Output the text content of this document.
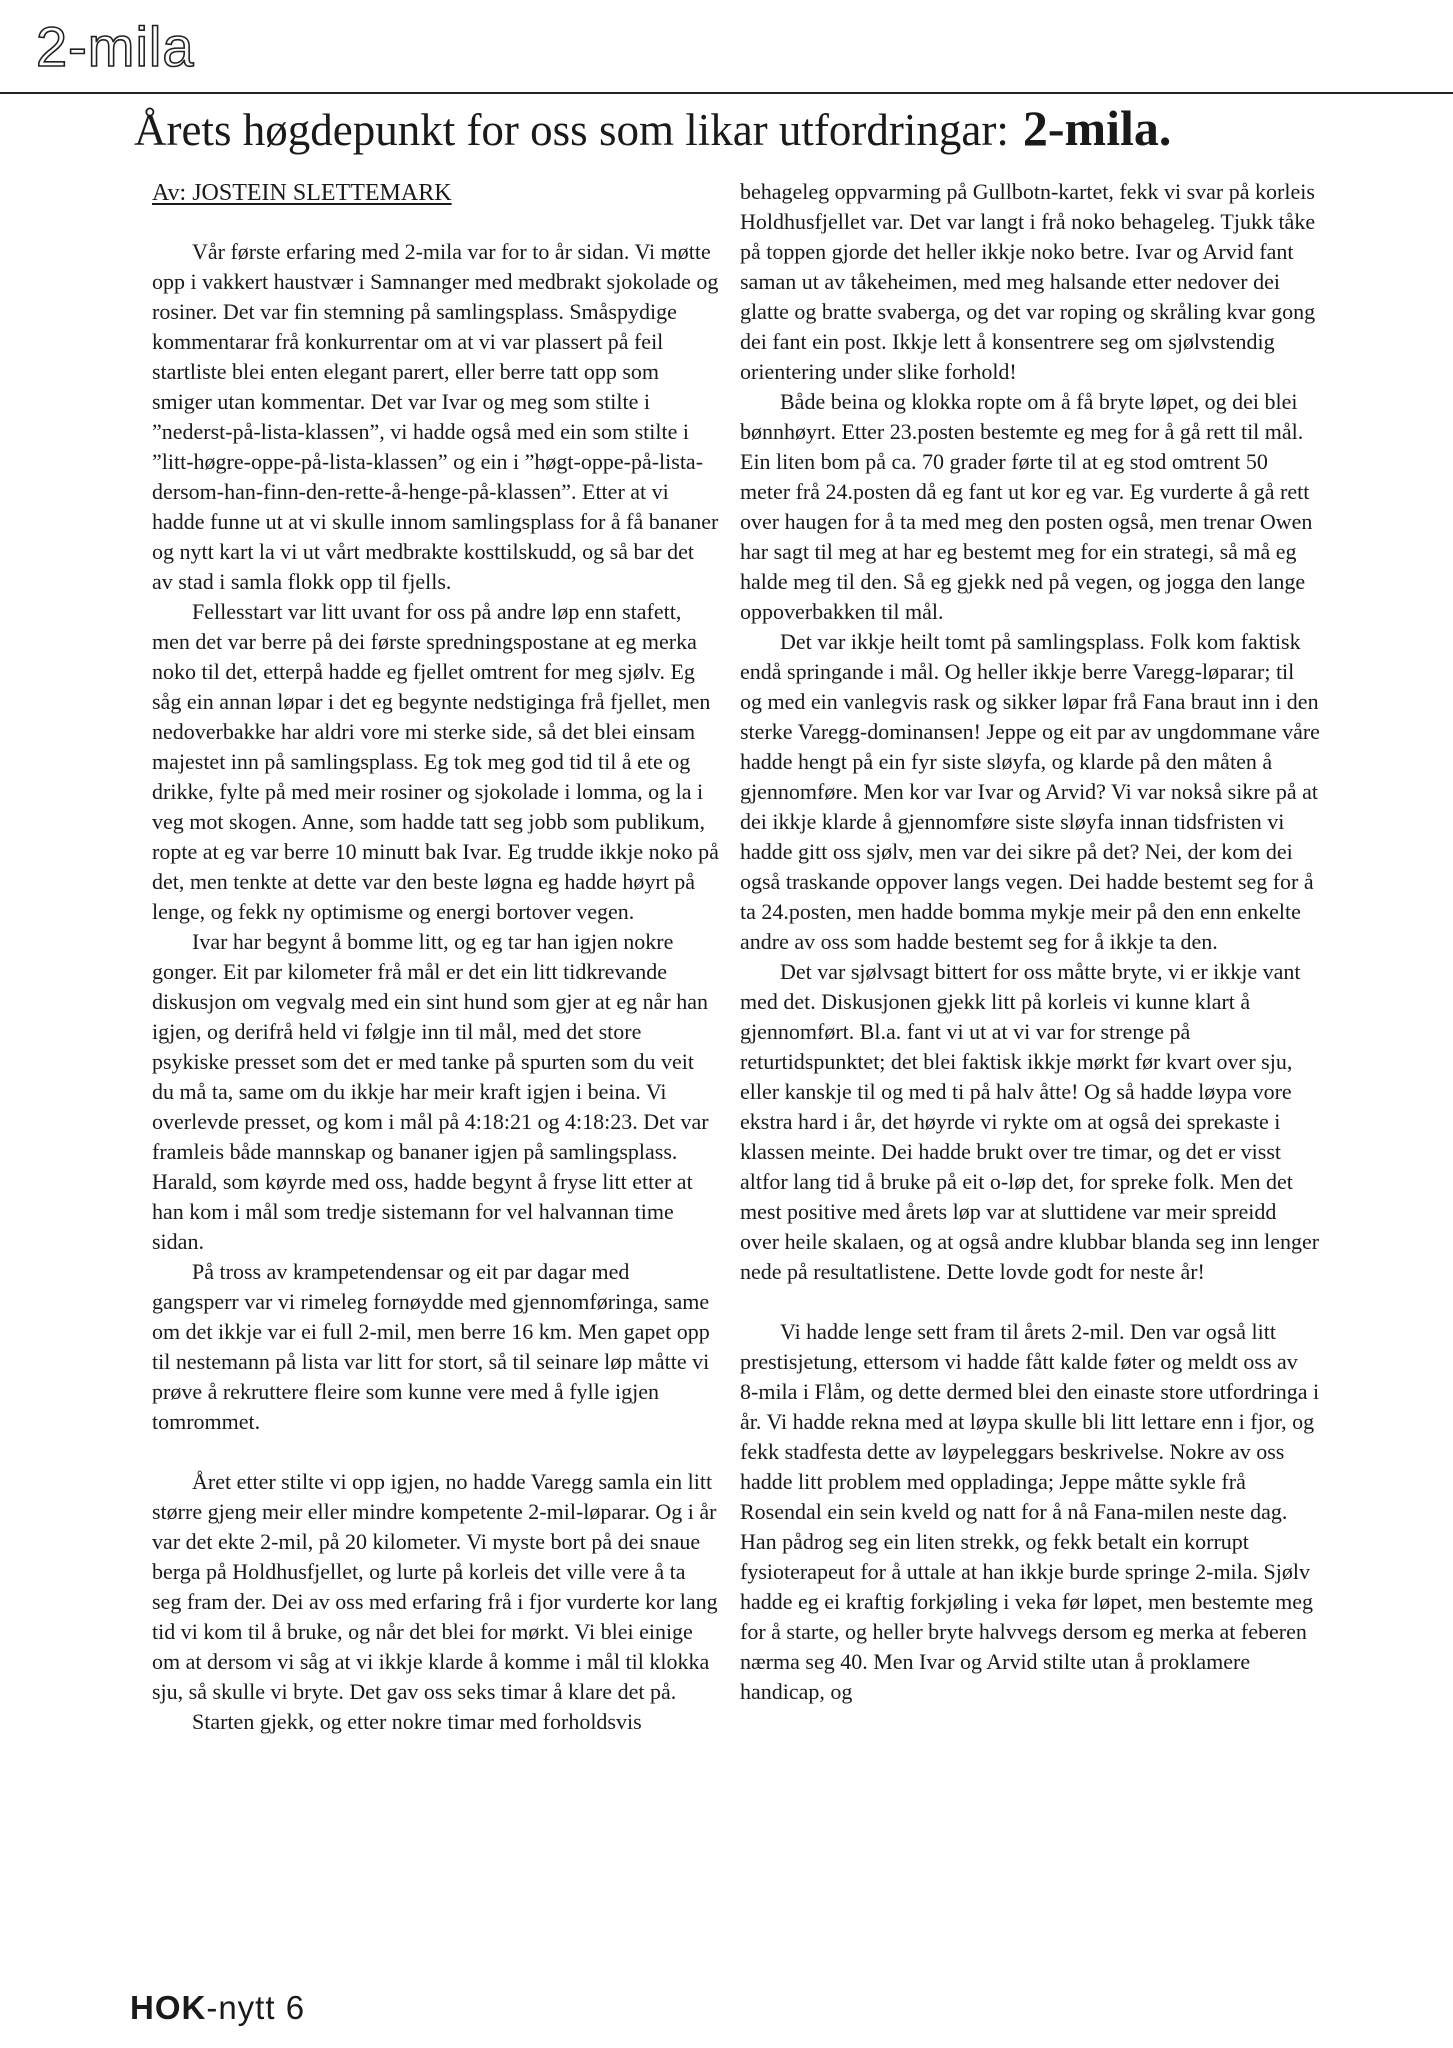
2-mila
Årets høgdepunkt for oss som likar utfordringar: 2-mila.
Av: JOSTEIN SLETTEMARK

Vår første erfaring med 2-mila var for to år sidan. Vi møtte opp i vakkert haustvær i Samnanger med medbrakt sjokolade og rosiner. Det var fin stemning på samlingsplass. Småspydige kommentarar frå konkurrentar om at vi var plassert på feil startliste blei enten elegant parert, eller berre tatt opp som smiger utan kommentar. Det var Ivar og meg som stilte i ”nederst-på-lista-klassen”, vi hadde også med ein som stilte i ”litt-høgre-oppe-på-lista-klassen” og ein i ”høgt-oppe-på-lista-dersom-han-finn-den-rette-å-henge-på-klassen”. Etter at vi hadde funne ut at vi skulle innom samlingsplass for å få bananer og nytt kart la vi ut vårt medbrakte kosttilskudd, og så bar det av stad i samla flokk opp til fjells.

Fellesstart var litt uvant for oss på andre løp enn stafett, men det var berre på dei første spredningspostane at eg merka noko til det, etterpå hadde eg fjellet omtrent for meg sjølv. Eg såg ein annan løpar i det eg begynte nedstiginga frå fjellet, men nedoverbakke har aldri vore mi sterke side, så det blei einsam majestet inn på samlingsplass. Eg tok meg god tid til å ete og drikke, fylte på med meir rosiner og sjokolade i lomma, og la i veg mot skogen. Anne, som hadde tatt seg jobb som publikum, ropte at eg var berre 10 minutt bak Ivar. Eg trudde ikkje noko på det, men tenkte at dette var den beste løgna eg hadde høyrt på lenge, og fekk ny optimisme og energi bortover vegen.

Ivar har begynt å bomme litt, og eg tar han igjen nokre gonger. Eit par kilometer frå mål er det ein litt tidkrevande diskusjon om vegvalg med ein sint hund som gjer at eg når han igjen, og derifrå held vi følgje inn til mål, med det store psykiske presset som det er med tanke på spurten som du veit du må ta, same om du ikkje har meir kraft igjen i beina. Vi overlevde presset, og kom i mål på 4:18:21 og 4:18:23. Det var framleis både mannskap og bananer igjen på samlingsplass. Harald, som køyrde med oss, hadde begynt å fryse litt etter at han kom i mål som tredje sistemann for vel halvannan time sidan.

På tross av krampetendensar og eit par dagar med gangsperr var vi rimeleg fornøydde med gjennomføringa, same om det ikkje var ei full 2-mil, men berre 16 km. Men gapet opp til nestemann på lista var litt for stort, så til seinare løp måtte vi prøve å rekruttere fleire som kunne vere med å fylle igjen tomrommet.

Året etter stilte vi opp igjen, no hadde Varegg samla ein litt større gjeng meir eller mindre kompetente 2-mil-løparar. Og i år var det ekte 2-mil, på 20 kilometer. Vi myste bort på dei snaue berga på Holdhusfjellet, og lurte på korleis det ville vere å ta seg fram der. Dei av oss med erfaring frå i fjor vurderte kor lang tid vi kom til å bruke, og når det blei for mørkt. Vi blei einige om at dersom vi såg at vi ikkje klarde å komme i mål til klokka sju, så skulle vi bryte. Det gav oss seks timar å klare det på.

Starten gjekk, og etter nokre timar med forholdsvis

behageleg oppvarming på Gullbotn-kartet, fekk vi svar på korleis Holdhusfjellet var. Det var langt i frå noko behageleg. Tjukk tåke på toppen gjorde det heller ikkje noko betre. Ivar og Arvid fant saman ut av tåkeheimen, med meg halsande etter nedover dei glatte og bratte svaberga, og det var roping og skråling kvar gong dei fant ein post. Ikkje lett å konsentrere seg om sjølvstendig orientering under slike forhold!

Både beina og klokka ropte om å få bryte løpet, og dei blei bønnhøyrt. Etter 23.posten bestemte eg meg for å gå rett til mål. Ein liten bom på ca. 70 grader førte til at eg stod omtrent 50 meter frå 24.posten då eg fant ut kor eg var. Eg vurderte å gå rett over haugen for å ta med meg den posten også, men trenar Owen har sagt til meg at har eg bestemt meg for ein strategi, så må eg halde meg til den. Så eg gjekk ned på vegen, og jogga den lange oppoverbakken til mål.

Det var ikkje heilt tomt på samlingsplass. Folk kom faktisk endå springande i mål. Og heller ikkje berre Varegg-løparar; til og med ein vanlegvis rask og sikker løpar frå Fana braut inn i den sterke Varegg-dominansen! Jeppe og eit par av ungdommane våre hadde hengt på ein fyr siste sløyfa, og klarde på den måten å gjennomføre. Men kor var Ivar og Arvid? Vi var nokså sikre på at dei ikkje klarde å gjennomføre siste sløyfa innan tidsfristen vi hadde gitt oss sjølv, men var dei sikre på det? Nei, der kom dei også traskande oppover langs vegen. Dei hadde bestemt seg for å ta 24.posten, men hadde bomma mykje meir på den enn enkelte andre av oss som hadde bestemt seg for å ikkje ta den.

Det var sjølvsagt bittert for oss måtte bryte, vi er ikkje vant med det. Diskusjonen gjekk litt på korleis vi kunne klart å gjennomført. Bl.a. fant vi ut at vi var for strenge på returtidspunktet; det blei faktisk ikkje mørkt før kvart over sju, eller kanskje til og med ti på halv åtte! Og så hadde løypa vore ekstra hard i år, det høyrde vi rykte om at også dei sprekaste i klassen meinte. Dei hadde brukt over tre timar, og det er visst altfor lang tid å bruke på eit o-løp det, for sprekе folk. Men det mest positive med årets løp var at sluttidene var meir spreidd over heile skalaen, og at også andre klubbar blanda seg inn lenger nede på resultatlistene. Dette lovde godt for neste år!

Vi hadde lenge sett fram til årets 2-mil. Den var også litt prestisjetung, ettersom vi hadde fått kalde føter og meldt oss av 8-mila i Flåm, og dette dermed blei den einaste store utfordringa i år. Vi hadde rekna med at løypa skulle bli litt lettare enn i fjor, og fekk stadfesta dette av løypeleggars beskrivelse. Nokre av oss hadde litt problem med oppladinga; Jeppe måtte sykle frå Rosendal ein sein kveld og natt for å nå Fana-milen neste dag. Han pådrog seg ein liten strekk, og fekk betalt ein korrupt fysioterapeut for å uttale at han ikkje burde springe 2-mila. Sjølv hadde eg ei kraftig forkjøling i veka før løpet, men bestemte meg for å starte, og heller bryte halvvegs dersom eg merka at feberen nærma seg 40. Men Ivar og Arvid stilte utan å proklamere handicap, og

HOK-nytt 6
